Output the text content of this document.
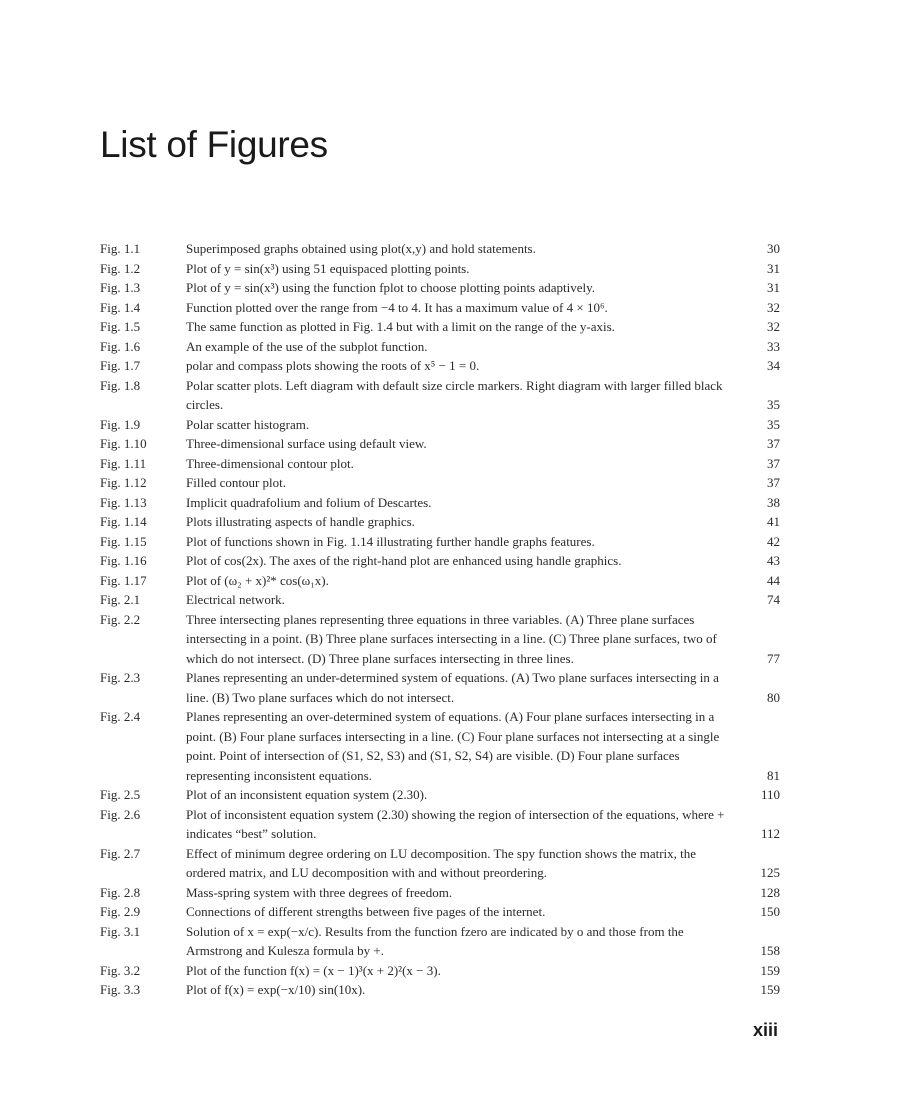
List of Figures
Fig. 1.1	Superimposed graphs obtained using plot(x,y) and hold statements.	30
Fig. 1.2	Plot of y = sin(x³) using 51 equispaced plotting points.	31
Fig. 1.3	Plot of y = sin(x³) using the function fplot to choose plotting points adaptively.	31
Fig. 1.4	Function plotted over the range from −4 to 4. It has a maximum value of 4 × 10⁶.	32
Fig. 1.5	The same function as plotted in Fig. 1.4 but with a limit on the range of the y-axis.	32
Fig. 1.6	An example of the use of the subplot function.	33
Fig. 1.7	polar and compass plots showing the roots of x⁵ − 1 = 0.	34
Fig. 1.8	Polar scatter plots. Left diagram with default size circle markers. Right diagram with larger filled black circles.	35
Fig. 1.9	Polar scatter histogram.	35
Fig. 1.10	Three-dimensional surface using default view.	37
Fig. 1.11	Three-dimensional contour plot.	37
Fig. 1.12	Filled contour plot.	37
Fig. 1.13	Implicit quadrafolium and folium of Descartes.	38
Fig. 1.14	Plots illustrating aspects of handle graphics.	41
Fig. 1.15	Plot of functions shown in Fig. 1.14 illustrating further handle graphs features.	42
Fig. 1.16	Plot of cos(2x). The axes of the right-hand plot are enhanced using handle graphics.	43
Fig. 1.17	Plot of (ω₂ + x)²* cos(ω₁x).	44
Fig. 2.1	Electrical network.	74
Fig. 2.2	Three intersecting planes representing three equations in three variables. (A) Three plane surfaces intersecting in a point. (B) Three plane surfaces intersecting in a line. (C) Three plane surfaces, two of which do not intersect. (D) Three plane surfaces intersecting in three lines.	77
Fig. 2.3	Planes representing an under-determined system of equations. (A) Two plane surfaces intersecting in a line. (B) Two plane surfaces which do not intersect.	80
Fig. 2.4	Planes representing an over-determined system of equations. (A) Four plane surfaces intersecting in a point. (B) Four plane surfaces intersecting in a line. (C) Four plane surfaces not intersecting at a single point. Point of intersection of (S1, S2, S3) and (S1, S2, S4) are visible. (D) Four plane surfaces representing inconsistent equations.	81
Fig. 2.5	Plot of an inconsistent equation system (2.30).	110
Fig. 2.6	Plot of inconsistent equation system (2.30) showing the region of intersection of the equations, where + indicates “best” solution.	112
Fig. 2.7	Effect of minimum degree ordering on LU decomposition. The spy function shows the matrix, the ordered matrix, and LU decomposition with and without preordering.	125
Fig. 2.8	Mass-spring system with three degrees of freedom.	128
Fig. 2.9	Connections of different strengths between five pages of the internet.	150
Fig. 3.1	Solution of x = exp(−x/c). Results from the function fzero are indicated by o and those from the Armstrong and Kulesza formula by +.	158
Fig. 3.2	Plot of the function f(x) = (x − 1)³(x + 2)²(x − 3).	159
Fig. 3.3	Plot of f(x) = exp(−x/10) sin(10x).	159
xiii
